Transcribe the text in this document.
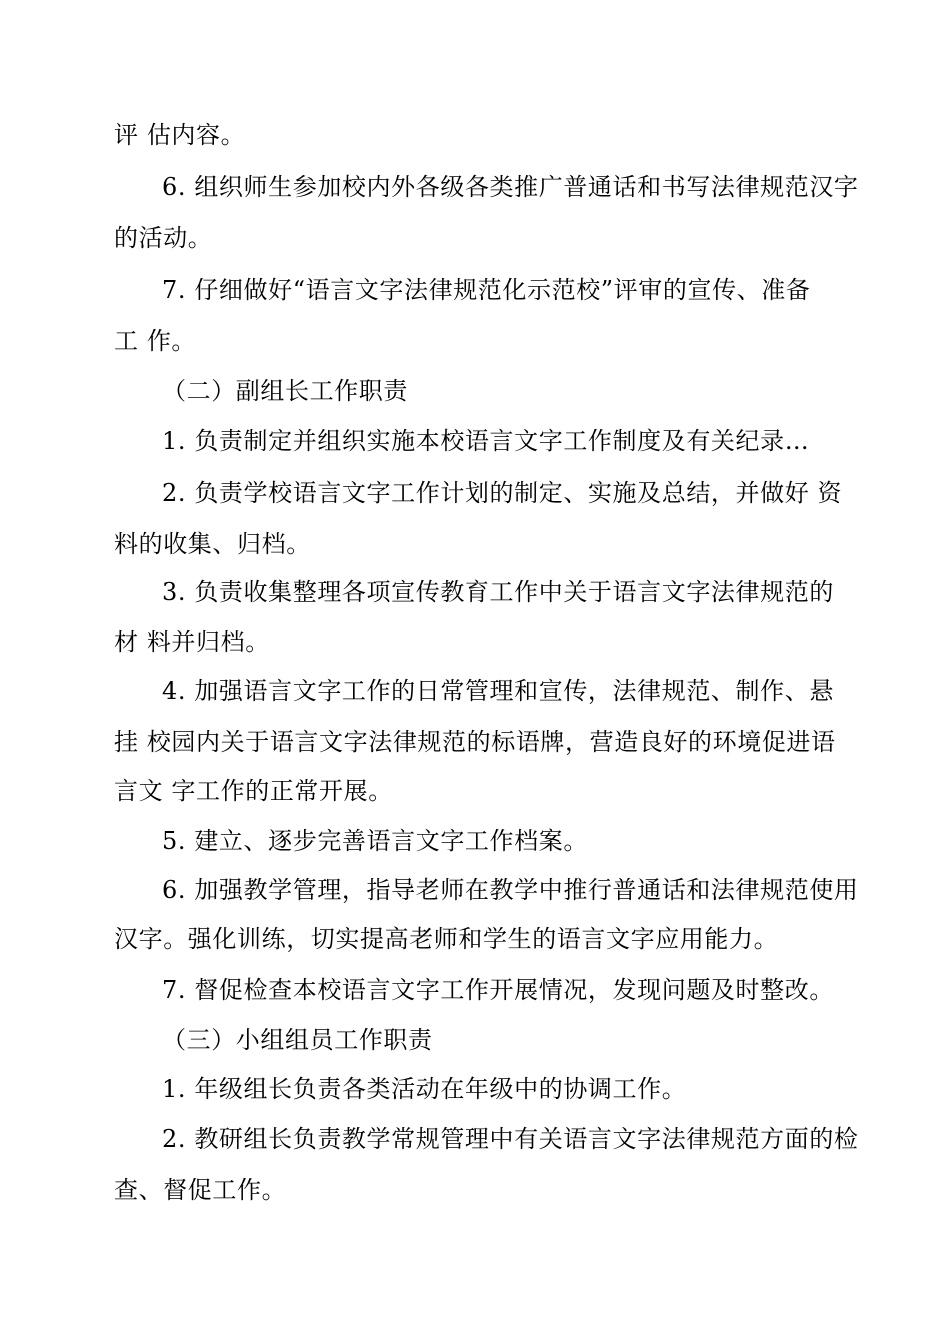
评 估内容。
6. 组织师生参加校内外各级各类推广普通话和书写法律规范汉字
的活动。
7. 仔细做好“语言文字法律规范化示范校”评审的宣传、准备
工 作。
（二）副组长工作职责
1. 负责制定并组织实施本校语言文字工作制度及有关纪录…
2. 负责学校语言文字工作计划的制定、实施及总结，并做好 资
料的收集、归档。
3. 负责收集整理各项宣传教育工作中关于语言文字法律规范的
材 料并归档。
4. 加强语言文字工作的日常管理和宣传，法律规范、制作、悬
挂 校园内关于语言文字法律规范的标语牌，营造良好的环境促进语
言文 字工作的正常开展。
5. 建立、逐步完善语言文字工作档案。
6. 加强教学管理，指导老师在教学中推行普通话和法律规范使用
汉字。强化训练，切实提高老师和学生的语言文字应用能力。
7. 督促检查本校语言文字工作开展情况，发现问题及时整改。
（三）小组组员工作职责
1. 年级组长负责各类活动在年级中的协调工作。
2. 教研组长负责教学常规管理中有关语言文字法律规范方面的检
查、督促工作。
